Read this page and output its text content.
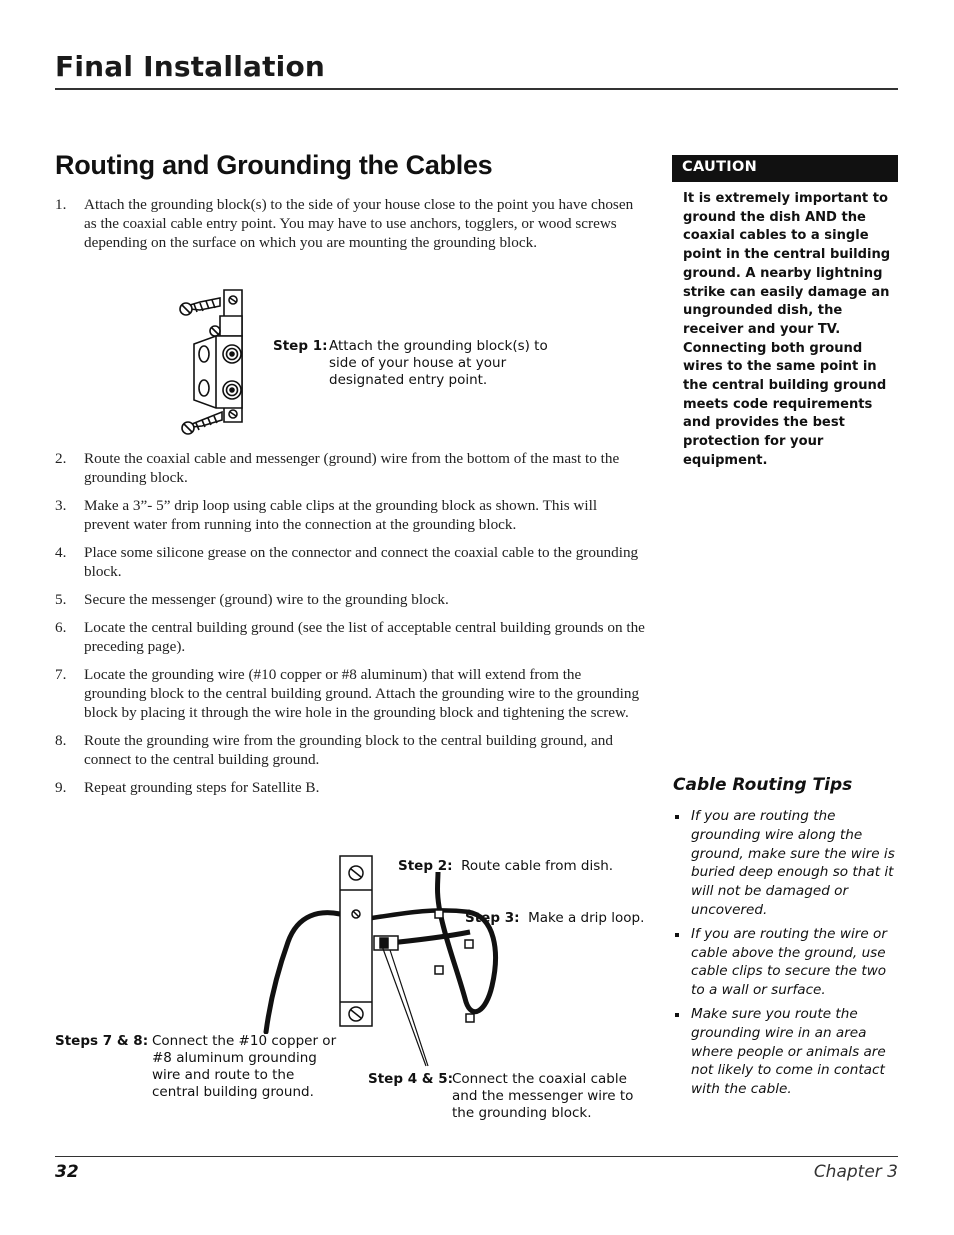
Final Installation
Routing and Grounding the Cables
1. Attach the grounding block(s) to the side of your house close to the point you have chosen as the coaxial cable entry point. You may have to use anchors, togglers, or wood screws depending on the surface on which you are mounting the grounding block.
Step 1: Attach the grounding block(s) to side of your house at your designated entry point.
2. Route the coaxial cable and messenger (ground) wire from the bottom of the mast to the grounding block.
3. Make a 3”- 5” drip loop using cable clips at the grounding block as shown. This will prevent water from running into the connection at the grounding block.
4. Place some silicone grease on the connector and connect the coaxial cable to the grounding block.
5. Secure the messenger (ground) wire to the grounding block.
6. Locate the central building ground (see the list of acceptable central building grounds on the preceding page).
7. Locate the grounding wire (#10 copper or #8 aluminum) that will extend from the grounding block to the central building ground. Attach the grounding wire to the grounding block by placing it through the wire hole in the grounding block and tightening the screw.
8. Route the grounding wire from the grounding block to the central building ground, and connect to the central building ground.
9. Repeat grounding steps for Satellite B.
Step 2: Route cable from dish.
Step 3: Make a drip loop.
Step 4 & 5:
Connect the coaxial cable and the messenger wire to the grounding block.
Steps 7 & 8: Connect the #10 copper or #8 aluminum grounding wire and route to the central building ground.
CAUTION
It is extremely important to ground the dish AND the coaxial cables to a single point in the central building ground. A nearby lightning strike can easily damage an ungrounded dish, the receiver and your TV. Connecting both ground wires to the same point in the central building ground meets code requirements and provides the best protection for your equipment.
Cable Routing Tips
If you are routing the grounding wire along the ground, make sure the wire is buried deep enough so that it will not be damaged or uncovered.
If you are routing the wire or cable above the ground, use cable clips to secure the two to a wall or surface.
Make sure you route the grounding wire in an area where people or animals are not likely to come in contact with the cable.
32	Chapter 3
